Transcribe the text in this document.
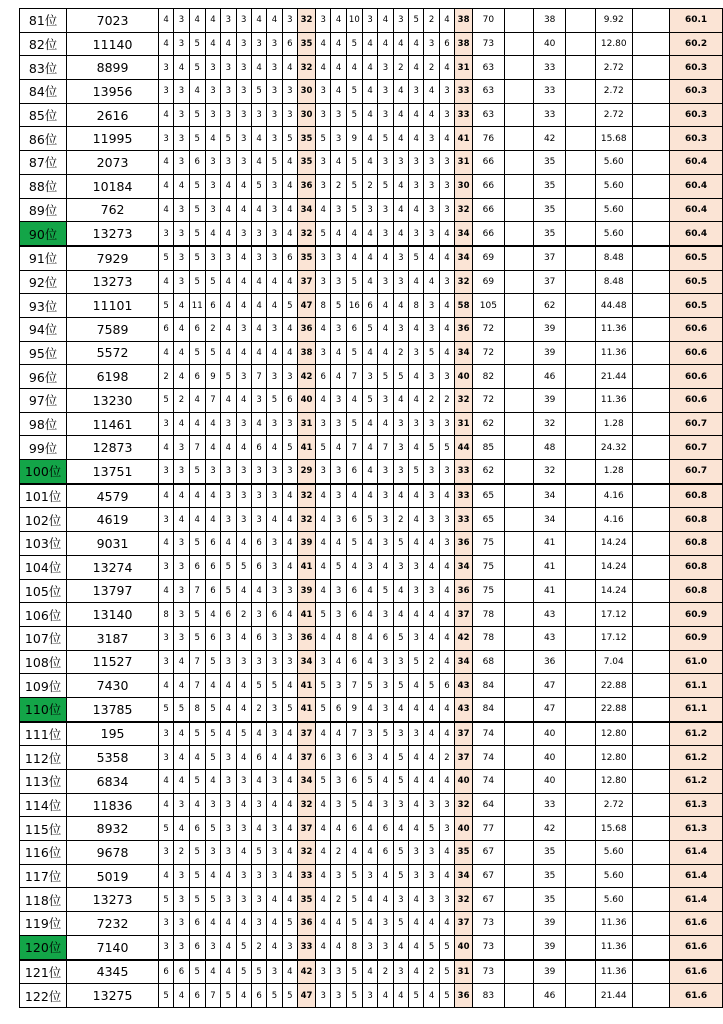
81位	7023	4	3	4	4	3	3	4	4	3	32	3	4	10	3	4	3	5	2	4	38	70		38		9.92		60.1
82位	11140	4	3	5	4	4	3	3	3	6	35	4	4	5	4	4	4	4	3	6	38	73		40		12.80		60.2
83位	8899	3	4	5	3	3	3	4	3	4	32	4	4	4	4	3	2	4	2	4	31	63		33		2.72		60.3
84位	13956	3	3	4	3	3	3	5	3	3	30	3	4	5	4	3	4	3	4	3	33	63		33		2.72		60.3
85位	2616	4	3	5	3	3	3	3	3	3	30	3	3	5	4	3	4	4	4	3	33	63		33		2.72		60.3
86位	11995	3	3	5	4	5	3	4	3	5	35	5	3	9	4	5	4	4	3	4	41	76		42		15.68		60.3
87位	2073	4	3	6	3	3	3	4	5	4	35	3	4	5	4	3	3	3	3	3	31	66		35		5.60		60.4
88位	10184	4	4	5	3	4	4	5	3	4	36	3	2	5	2	5	4	3	3	3	30	66		35		5.60		60.4
89位	762	4	3	5	3	4	4	4	3	4	34	4	3	5	3	3	4	4	3	3	32	66		35		5.60		60.4
90位	13273	3	3	5	4	4	3	3	3	4	32	5	4	4	4	3	4	3	3	4	34	66		35		5.60		60.4
91位	7929	5	3	5	3	3	4	3	3	6	35	3	3	4	4	4	3	5	4	4	34	69		37		8.48		60.5
92位	13273	4	3	5	5	4	4	4	4	4	37	3	3	5	4	3	3	4	4	3	32	69		37		8.48		60.5
93位	11101	5	4	11	6	4	4	4	4	5	47	8	5	16	6	4	4	8	3	4	58	105		62		44.48		60.5
94位	7589	6	4	6	2	4	3	4	3	4	36	4	3	6	5	4	3	4	3	4	36	72		39		11.36		60.6
95位	5572	4	4	5	5	4	4	4	4	4	38	3	4	5	4	4	2	3	5	4	34	72		39		11.36		60.6
96位	6198	2	4	6	9	5	3	7	3	3	42	6	4	7	3	5	5	4	3	3	40	82		46		21.44		60.6
97位	13230	5	2	4	7	4	4	3	5	6	40	4	3	4	5	3	4	4	2	2	32	72		39		11.36		60.6
98位	11461	3	4	4	4	3	3	4	3	3	31	3	3	5	4	4	3	3	3	3	31	62		32		1.28		60.7
99位	12873	4	3	7	4	4	4	6	4	5	41	5	4	7	4	7	3	4	5	5	44	85		48		24.32		60.7
100位	13751	3	3	5	3	3	3	3	3	3	29	3	3	6	4	3	3	5	3	3	33	62		32		1.28		60.7
101位	4579	4	4	4	4	3	3	3	3	4	32	4	3	4	4	3	4	4	3	4	33	65		34		4.16		60.8
102位	4619	3	4	4	4	3	3	3	4	4	32	4	3	6	5	3	2	4	3	3	33	65		34		4.16		60.8
103位	9031	4	3	5	6	4	4	6	3	4	39	4	4	5	4	3	5	4	4	3	36	75		41		14.24		60.8
104位	13274	3	3	6	6	5	5	6	3	4	41	4	5	4	3	4	3	3	4	4	34	75		41		14.24		60.8
105位	13797	4	3	7	6	5	4	4	3	3	39	4	3	6	4	5	4	3	3	4	36	75		41		14.24		60.8
106位	13140	8	3	5	4	6	2	3	6	4	41	5	3	6	4	3	4	4	4	4	37	78		43		17.12		60.9
107位	3187	3	3	5	6	3	4	6	3	3	36	4	4	8	4	6	5	3	4	4	42	78		43		17.12		60.9
108位	11527	3	4	7	5	3	3	3	3	3	34	3	4	6	4	3	3	5	2	4	34	68		36		7.04		61.0
109位	7430	4	4	7	4	4	4	5	5	4	41	5	3	7	5	3	5	4	5	6	43	84		47		22.88		61.1
110位	13785	5	5	8	5	4	4	2	3	5	41	5	6	9	4	3	4	4	4	4	43	84		47		22.88		61.1
111位	195	3	4	5	5	4	5	4	3	4	37	4	4	7	3	5	3	3	4	4	37	74		40		12.80		61.2
112位	5358	3	4	4	5	3	4	6	4	4	37	6	3	6	3	4	5	4	4	2	37	74		40		12.80		61.2
113位	6834	4	4	5	4	3	3	4	3	4	34	5	3	6	5	4	5	4	4	4	40	74		40		12.80		61.2
114位	11836	4	3	4	3	3	4	3	4	4	32	4	3	5	4	3	3	4	3	3	32	64		33		2.72		61.3
115位	8932	5	4	6	5	3	3	4	3	4	37	4	4	6	4	6	4	4	5	3	40	77		42		15.68		61.3
116位	9678	3	2	5	3	3	4	5	3	4	32	4	2	4	4	6	5	3	3	4	35	67		35		5.60		61.4
117位	5019	4	3	5	4	4	3	3	3	4	33	4	3	5	3	4	5	3	3	4	34	67		35		5.60		61.4
118位	13273	5	3	5	5	3	3	3	4	4	35	4	2	5	4	4	3	4	3	3	32	67		35		5.60		61.4
119位	7232	3	3	6	4	4	4	3	4	5	36	4	4	5	4	3	5	4	4	4	37	73		39		11.36		61.6
120位	7140	3	3	6	3	4	5	2	4	3	33	4	4	8	3	3	4	4	5	5	40	73		39		11.36		61.6
121位	4345	6	6	5	4	4	5	5	3	4	42	3	3	5	4	2	3	4	2	5	31	73		39		11.36		61.6
122位	13275	5	4	6	7	5	4	6	5	5	47	3	3	5	3	4	4	5	4	5	36	83		46		21.44		61.6
